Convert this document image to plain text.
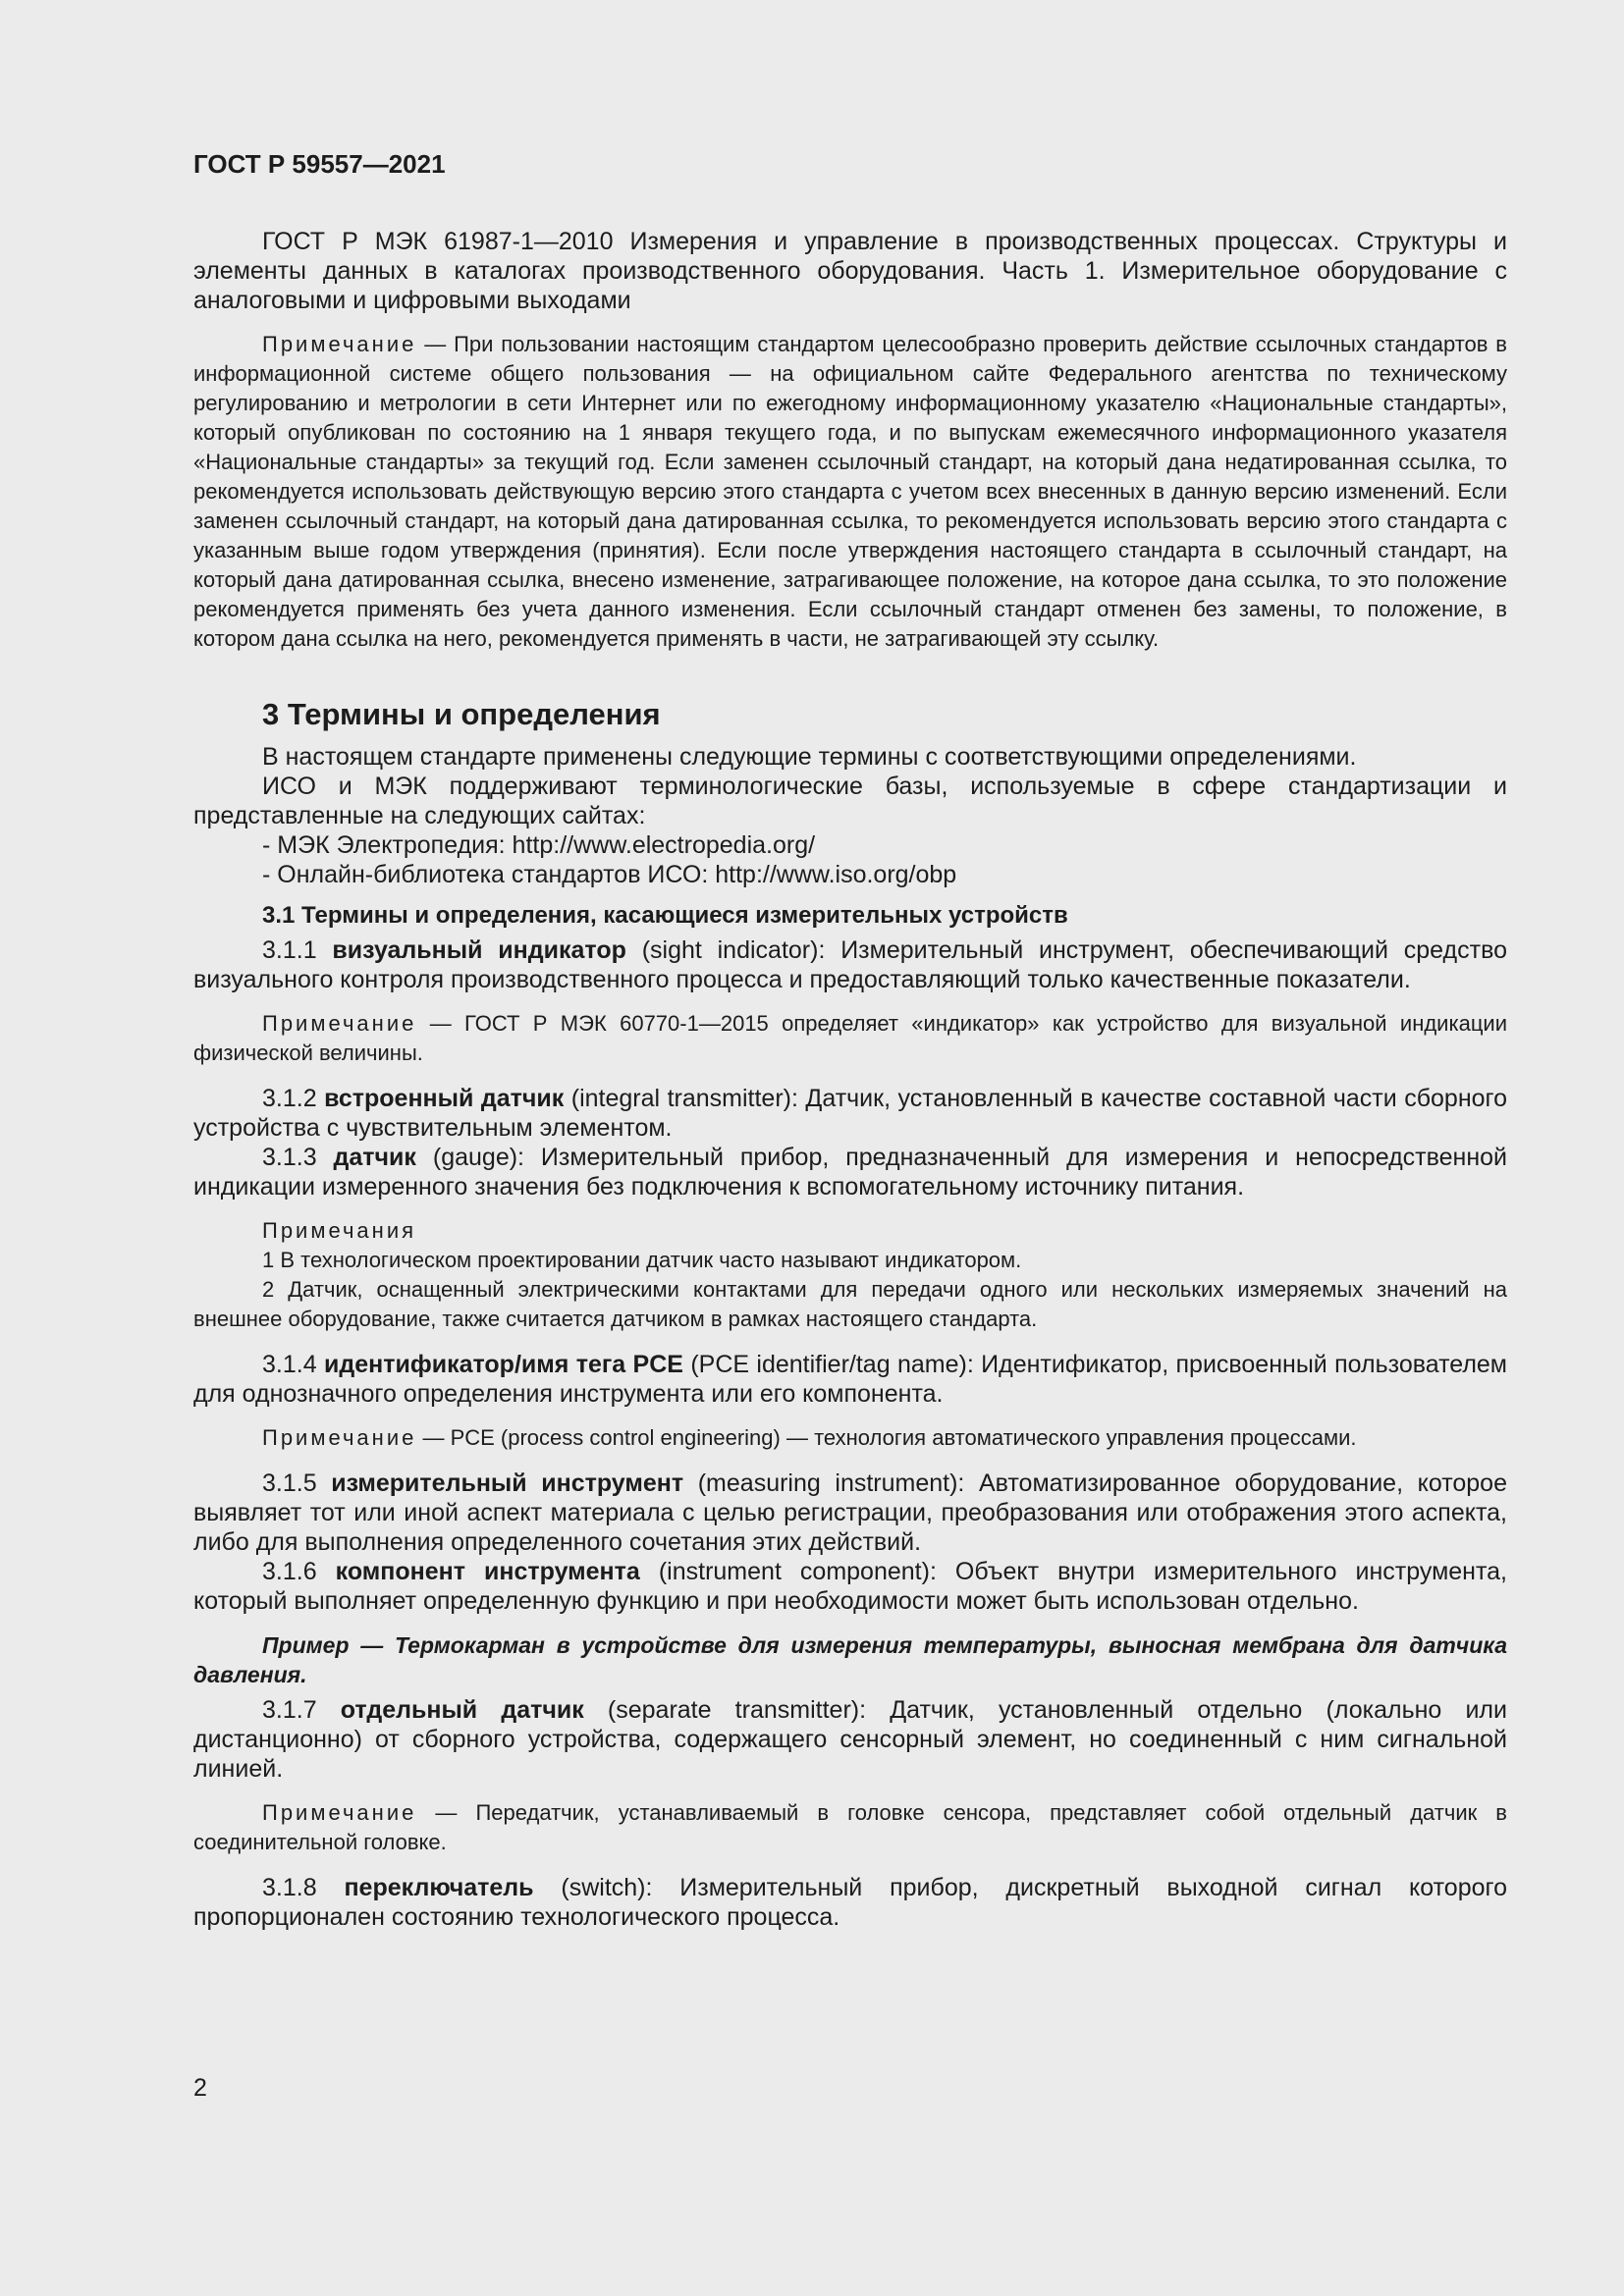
ГОСТ Р 59557—2021

ГОСТ Р МЭК 61987-1—2010 Измерения и управление в производственных процессах. Структуры и элементы данных в каталогах производственного оборудования. Часть 1. Измерительное оборудование с аналоговыми и цифровыми выходами

Примечание — При пользовании настоящим стандартом целесообразно проверить действие ссылочных стандартов в информационной системе общего пользования — на официальном сайте Федерального агентства по техническому регулированию и метрологии в сети Интернет или по ежегодному информационному указателю «Национальные стандарты», который опубликован по состоянию на 1 января текущего года, и по выпускам ежемесячного информационного указателя «Национальные стандарты» за текущий год. Если заменен ссылочный стандарт, на который дана недатированная ссылка, то рекомендуется использовать действующую версию этого стандарта с учетом всех внесенных в данную версию изменений. Если заменен ссылочный стандарт, на который дана датированная ссылка, то рекомендуется использовать версию этого стандарта с указанным выше годом утверждения (принятия). Если после утверждения настоящего стандарта в ссылочный стандарт, на который дана датированная ссылка, внесено изменение, затрагивающее положение, на которое дана ссылка, то это положение рекомендуется применять без учета данного изменения. Если ссылочный стандарт отменен без замены, то положение, в котором дана ссылка на него, рекомендуется применять в части, не затрагивающей эту ссылку.

3 Термины и определения

В настоящем стандарте применены следующие термины с соответствующими определениями.

ИСО и МЭК поддерживают терминологические базы, используемые в сфере стандартизации и представленные на следующих сайтах:

- МЭК Электропедия: http://www.electropedia.org/
- Онлайн-библиотека стандартов ИСО: http://www.iso.org/obp
3.1 Термины и определения, касающиеся измерительных устройств

3.1.1 визуальный индикатор (sight indicator): Измерительный инструмент, обеспечивающий средство визуального контроля производственного процесса и предоставляющий только качественные показатели.

Примечание — ГОСТ Р МЭК 60770-1—2015 определяет «индикатор» как устройство для визуальной индикации физической величины.

3.1.2 встроенный датчик (integral transmitter): Датчик, установленный в качестве составной части сборного устройства с чувствительным элементом.

3.1.3 датчик (gauge): Измерительный прибор, предназначенный для измерения и непосредственной индикации измеренного значения без подключения к вспомогательному источнику питания.

Примечания

1 В технологическом проектировании датчик часто называют индикатором.

2 Датчик, оснащенный электрическими контактами для передачи одного или нескольких измеряемых значений на внешнее оборудование, также считается датчиком в рамках настоящего стандарта.

3.1.4 идентификатор/имя тега PCE (PCE identifier/tag name): Идентификатор, присвоенный пользователем для однозначного определения инструмента или его компонента.

Примечание — PCE (process control engineering) — технология автоматического управления процессами.

3.1.5 измерительный инструмент (measuring instrument): Автоматизированное оборудование, которое выявляет тот или иной аспект материала с целью регистрации, преобразования или отображения этого аспекта, либо для выполнения определенного сочетания этих действий.

3.1.6 компонент инструмента (instrument component): Объект внутри измерительного инструмента, который выполняет определенную функцию и при необходимости может быть использован отдельно.

Пример — Термокарман в устройстве для измерения температуры, выносная мембрана для датчика давления.

3.1.7 отдельный датчик (separate transmitter): Датчик, установленный отдельно (локально или дистанционно) от сборного устройства, содержащего сенсорный элемент, но соединенный с ним сигнальной линией.

Примечание — Передатчик, устанавливаемый в головке сенсора, представляет собой отдельный датчик в соединительной головке.

3.1.8 переключатель (switch): Измерительный прибор, дискретный выходной сигнал которого пропорционален состоянию технологического процесса.

2
